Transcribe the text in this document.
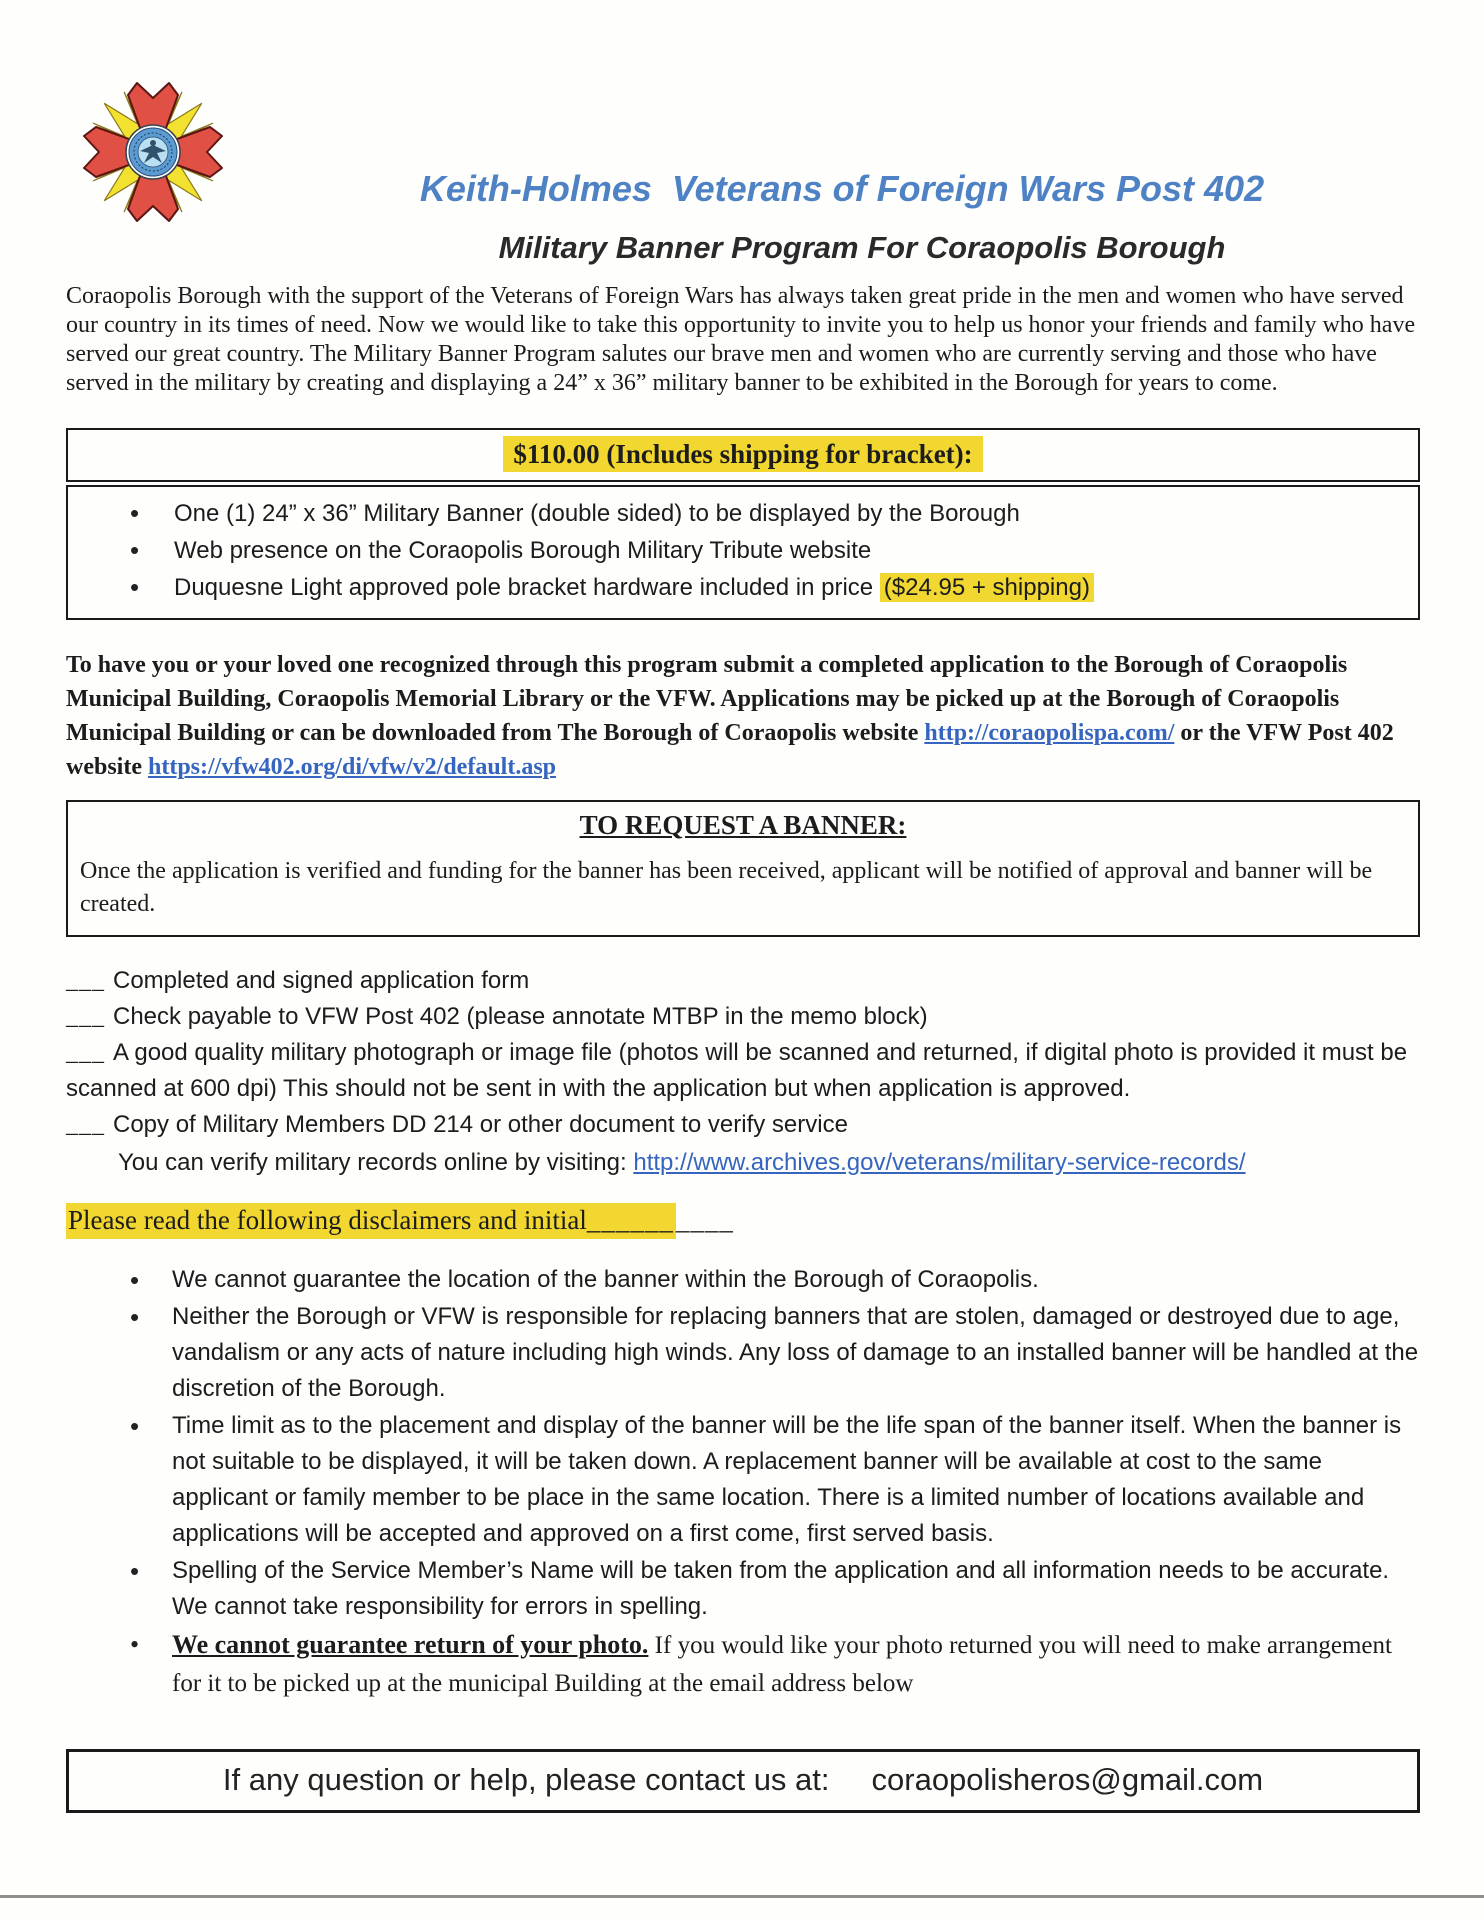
Keith-Holmes  Veterans of Foreign Wars Post 402
Military Banner Program For Coraopolis Borough

Coraopolis Borough with the support of the Veterans of Foreign Wars has always taken great pride in the men and women who have served our country in its times of need. Now we would like to take this opportunity to invite you to help us honor your friends and family who have served our great country. The Military Banner Program salutes our brave men and women who are currently serving and those who have served in the military by creating and displaying a 24” x 36” military banner to be exhibited in the Borough for years to come.

$110.00 (Includes shipping for bracket):
• One (1) 24” x 36” Military Banner (double sided) to be displayed by the Borough
• Web presence on the Coraopolis Borough Military Tribute website
• Duquesne Light approved pole bracket hardware included in price ($24.95 + shipping)

To have you or your loved one recognized through this program submit a completed application to the Borough of Coraopolis Municipal Building, Coraopolis Memorial Library or the VFW. Applications may be picked up at the Borough of Coraopolis Municipal Building or can be downloaded from The Borough of Coraopolis website http://coraopolispa.com/ or the VFW Post 402 website https://vfw402.org/di/vfw/v2/default.asp

TO REQUEST A BANNER:
Once the application is verified and funding for the banner has been received, applicant will be notified of approval and banner will be created.
___ Completed and signed application form
___ Check payable to VFW Post 402 (please annotate MTBP in the memo block)
___ A good quality military photograph or image file (photos will be scanned and returned, if digital photo is provided it must be scanned at 600 dpi) This should not be sent in with the application but when application is approved.
___ Copy of Military Members DD 214 or other document to verify service
You can verify military records online by visiting: http://www.archives.gov/veterans/military-service-records/
Please read the following disclaimers and initial__________
• We cannot guarantee the location of the banner within the Borough of Coraopolis.
• Neither the Borough or VFW is responsible for replacing banners that are stolen, damaged or destroyed due to age, vandalism or any acts of nature including high winds. Any loss of damage to an installed banner will be handled at the discretion of the Borough.
• Time limit as to the placement and display of the banner will be the life span of the banner itself. When the banner is not suitable to be displayed, it will be taken down. A replacement banner will be available at cost to the same applicant or family member to be place in the same location. There is a limited number of locations available and applications will be accepted and approved on a first come, first served basis.
• Spelling of the Service Member’s Name will be taken from the application and all information needs to be accurate. We cannot take responsibility for errors in spelling.
• We cannot guarantee return of your photo. If you would like your photo returned you will need to make arrangement for it to be picked up at the municipal Building at the email address below
If any question or help, please contact us at: coraopolisheros@gmail.com
